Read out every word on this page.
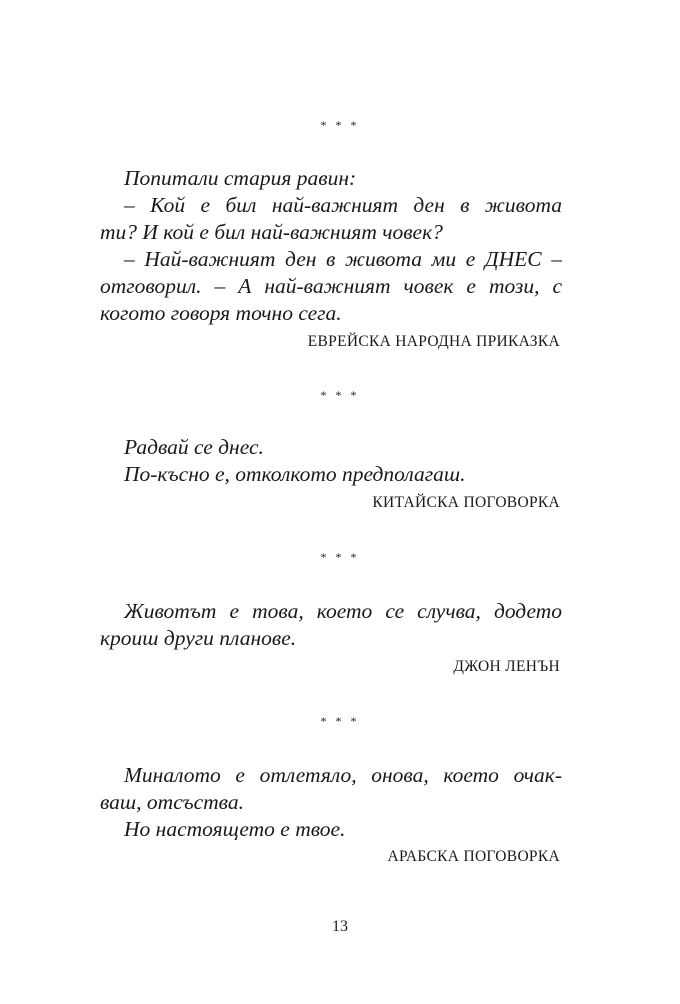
* * *
Попитали стария равин:
– Кой е бил най-важният ден в живота
ти? И кой е бил най-важният човек?
– Най-важният ден в живота ми е ДНЕС –
отговорил. – А най-важният човек е този, с
когото говоря точно сега.
ЕВРЕЙСКА НАРОДНА ПРИКАЗКА
* * *
Радвай се днес.
По-късно е, отколкото предполагаш.
КИТАЙСКА ПОГОВОРКА
* * *
Животът е това, което се случва, додето
кроиш други планове.
ДЖОН ЛЕНЪН
* * *
Миналото е отлетяло, онова, което очак-
ваш, отсъства.
Но настоящето е твое.
АРАБСКА ПОГОВОРКА
13
